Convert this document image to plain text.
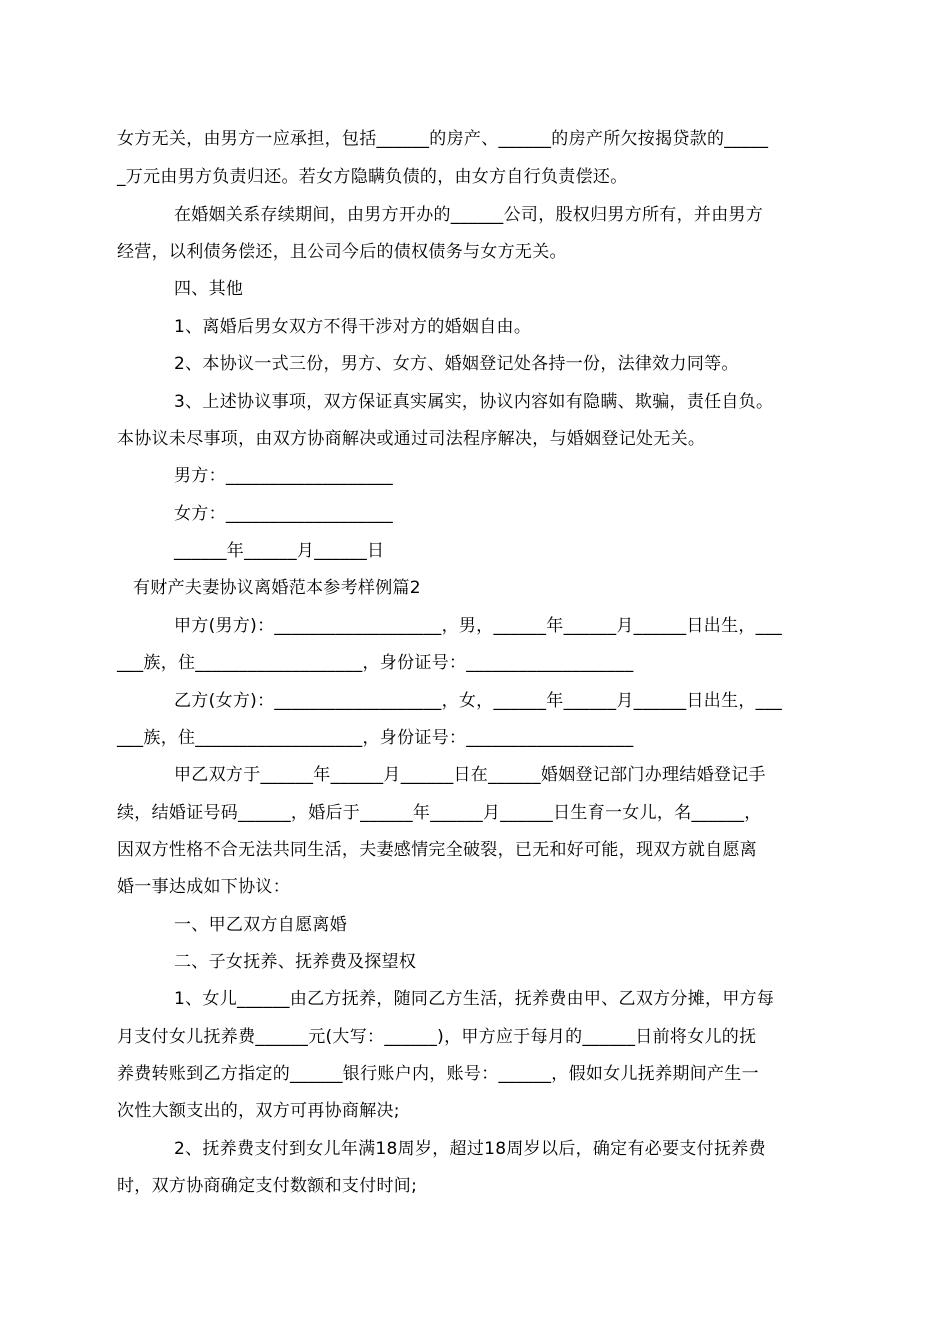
女方无关，由男方一应承担，包括______的房产、______的房产所欠按揭贷款的_____
_万元由男方负责归还。若女方隐瞒负债的，由女方自行负责偿还。
在婚姻关系存续期间，由男方开办的______公司，股权归男方所有，并由男方
经营，以利债务偿还，且公司今后的债权债务与女方无关。
四、其他
1、离婚后男女双方不得干涉对方的婚姻自由。
2、本协议一式三份，男方、女方、婚姻登记处各持一份，法律效力同等。
3、上述协议事项，双方保证真实属实，协议内容如有隐瞒、欺骗，责任自负。
本协议未尽事项，由双方协商解决或通过司法程序解决，与婚姻登记处无关。
男方：___________________
女方：___________________
______年______月______日
有财产夫妻协议离婚范本参考样例篇2
甲方(男方)：___________________，男，______年______月______日出生，___
___族，住___________________，身份证号：___________________
乙方(女方)：___________________，女，______年______月______日出生，___
___族，住___________________，身份证号：___________________
甲乙双方于______年______月______日在______婚姻登记部门办理结婚登记手
续，结婚证号码______，婚后于______年______月______日生育一女儿，名______，
因双方性格不合无法共同生活，夫妻感情完全破裂，已无和好可能，现双方就自愿离
婚一事达成如下协议：
一、甲乙双方自愿离婚
二、子女抚养、抚养费及探望权
1、女儿______由乙方抚养，随同乙方生活，抚养费由甲、乙双方分摊，甲方每
月支付女儿抚养费______元(大写：______)，甲方应于每月的______日前将女儿的抚
养费转账到乙方指定的______银行账户内，账号：______，假如女儿抚养期间产生一
次性大额支出的，双方可再协商解决;
2、抚养费支付到女儿年满18周岁，超过18周岁以后，确定有必要支付抚养费
时，双方协商确定支付数额和支付时间;
